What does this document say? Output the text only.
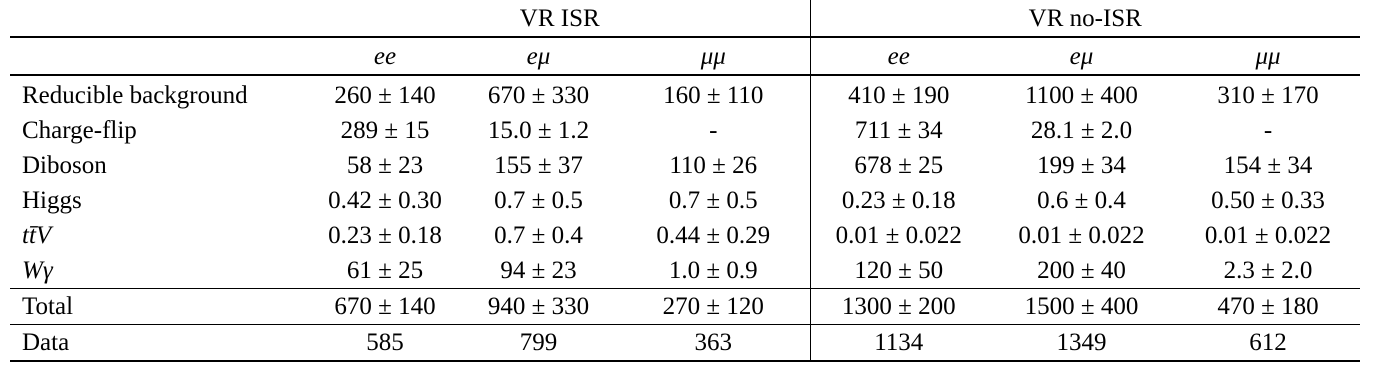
	VR ISR			VR no-ISR		
	ee	eμ	μμ	ee	eμ	μμ
Reducible background	260 ± 140	670 ± 330	160 ± 110	410 ± 190	1100 ± 400	310 ± 170
Charge-flip	289 ± 15	15.0 ± 1.2	-	711 ± 34	28.1 ± 2.0	-
Diboson	58 ± 23	155 ± 37	110 ± 26	678 ± 25	199 ± 34	154 ± 34
Higgs	0.42 ± 0.30	0.7 ± 0.5	0.7 ± 0.5	0.23 ± 0.18	0.6 ± 0.4	0.50 ± 0.33
tt̄V	0.23 ± 0.18	0.7 ± 0.4	0.44 ± 0.29	0.01 ± 0.022	0.01 ± 0.022	0.01 ± 0.022
Wγ	61 ± 25	94 ± 23	1.0 ± 0.9	120 ± 50	200 ± 40	2.3 ± 2.0
Total	670 ± 140	940 ± 330	270 ± 120	1300 ± 200	1500 ± 400	470 ± 180
Data	585	799	363	1134	1349	612
